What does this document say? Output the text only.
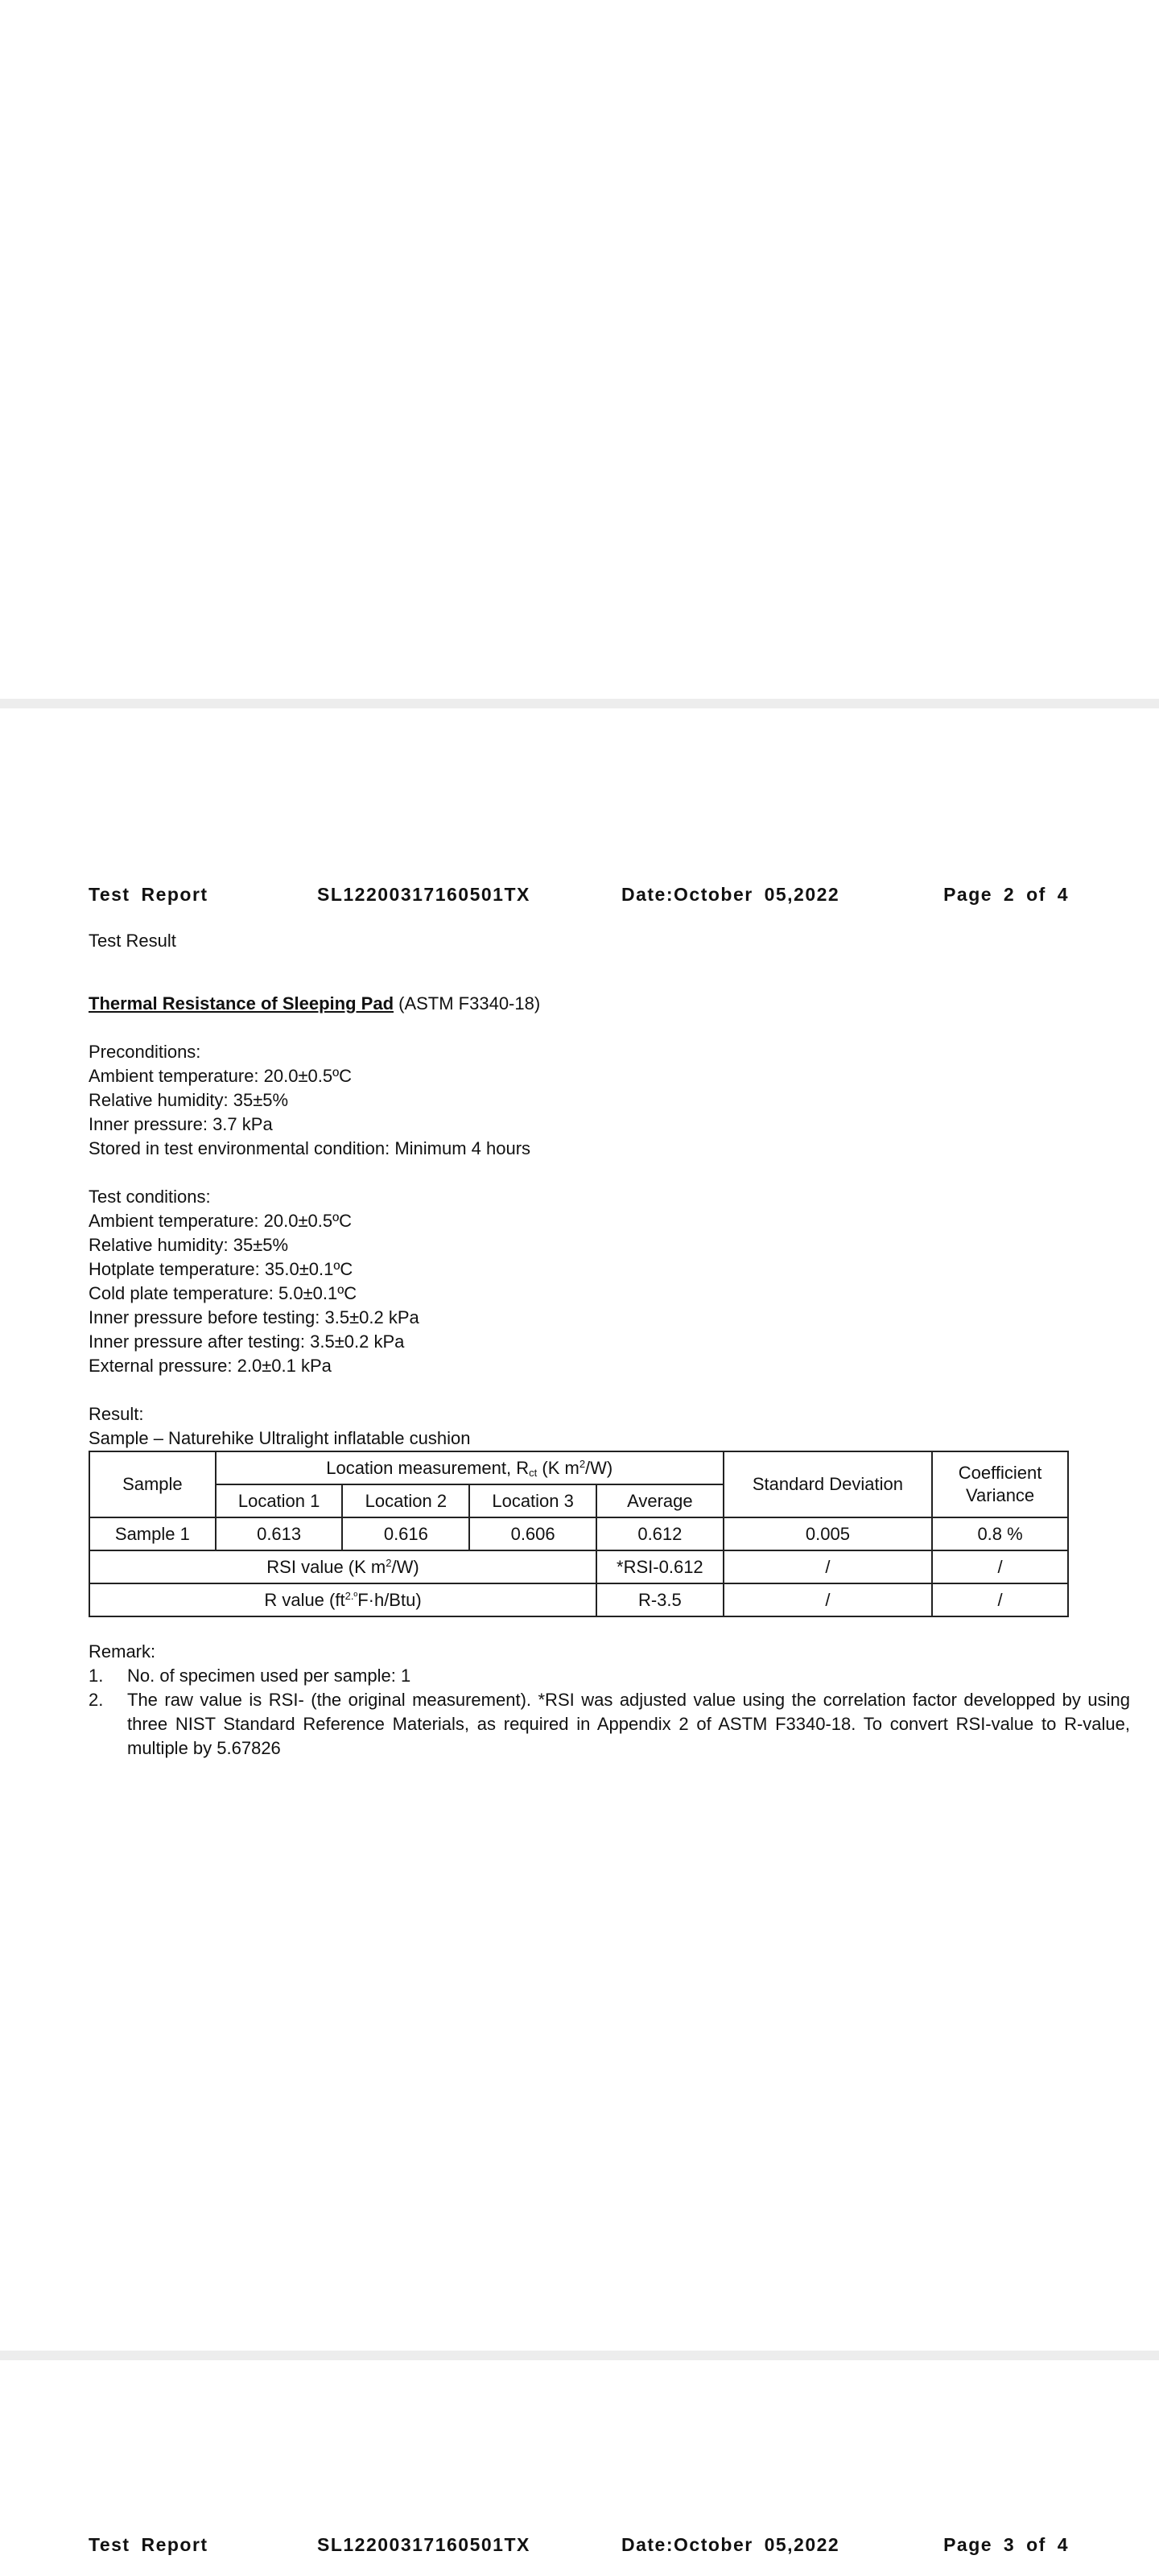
Test Report	SL12200317160501TX	Date:October 05,2022	Page 2 of 4
Test Result
Thermal Resistance of Sleeping Pad (ASTM F3340-18)
Preconditions:
Ambient temperature: 20.0±0.5ºC
Relative humidity: 35±5%
Inner pressure: 3.7 kPa
Stored in test environmental condition: Minimum 4 hours
Test conditions:
Ambient temperature: 20.0±0.5ºC
Relative humidity: 35±5%
Hotplate temperature: 35.0±0.1ºC
Cold plate temperature: 5.0±0.1ºC
Inner pressure before testing: 3.5±0.2 kPa
Inner pressure after testing: 3.5±0.2 kPa
External pressure: 2.0±0.1 kPa
Result:
Sample – Naturehike Ultralight inflatable cushion
Sample	Location measurement, $R_{ct}$ (K $m^2/W$)				Standard Deviation	Coefficient Variance
	Location 1	Location 2	Location 3	Average		
Sample 1	0.613	0.616	0.606	0.612	0.005	0.8 %
RSI value (K $m^2/W$)				*RSI-0.612	/	/
R value $(ft^{2.º}F\cdot h/Btu)$				R-3.5	/	/
Remark:
1. No. of specimen used per sample: 1
2. The raw value is RSI- (the original measurement). *RSI was adjusted value using the correlation factor developped by using three NIST Standard Reference Materials, as required in Appendix 2 of ASTM F3340-18. To convert RSI-value to R-value, multiple by 5.67826
Test Report	SL12200317160501TX	Date:October 05,2022	Page 3 of 4
